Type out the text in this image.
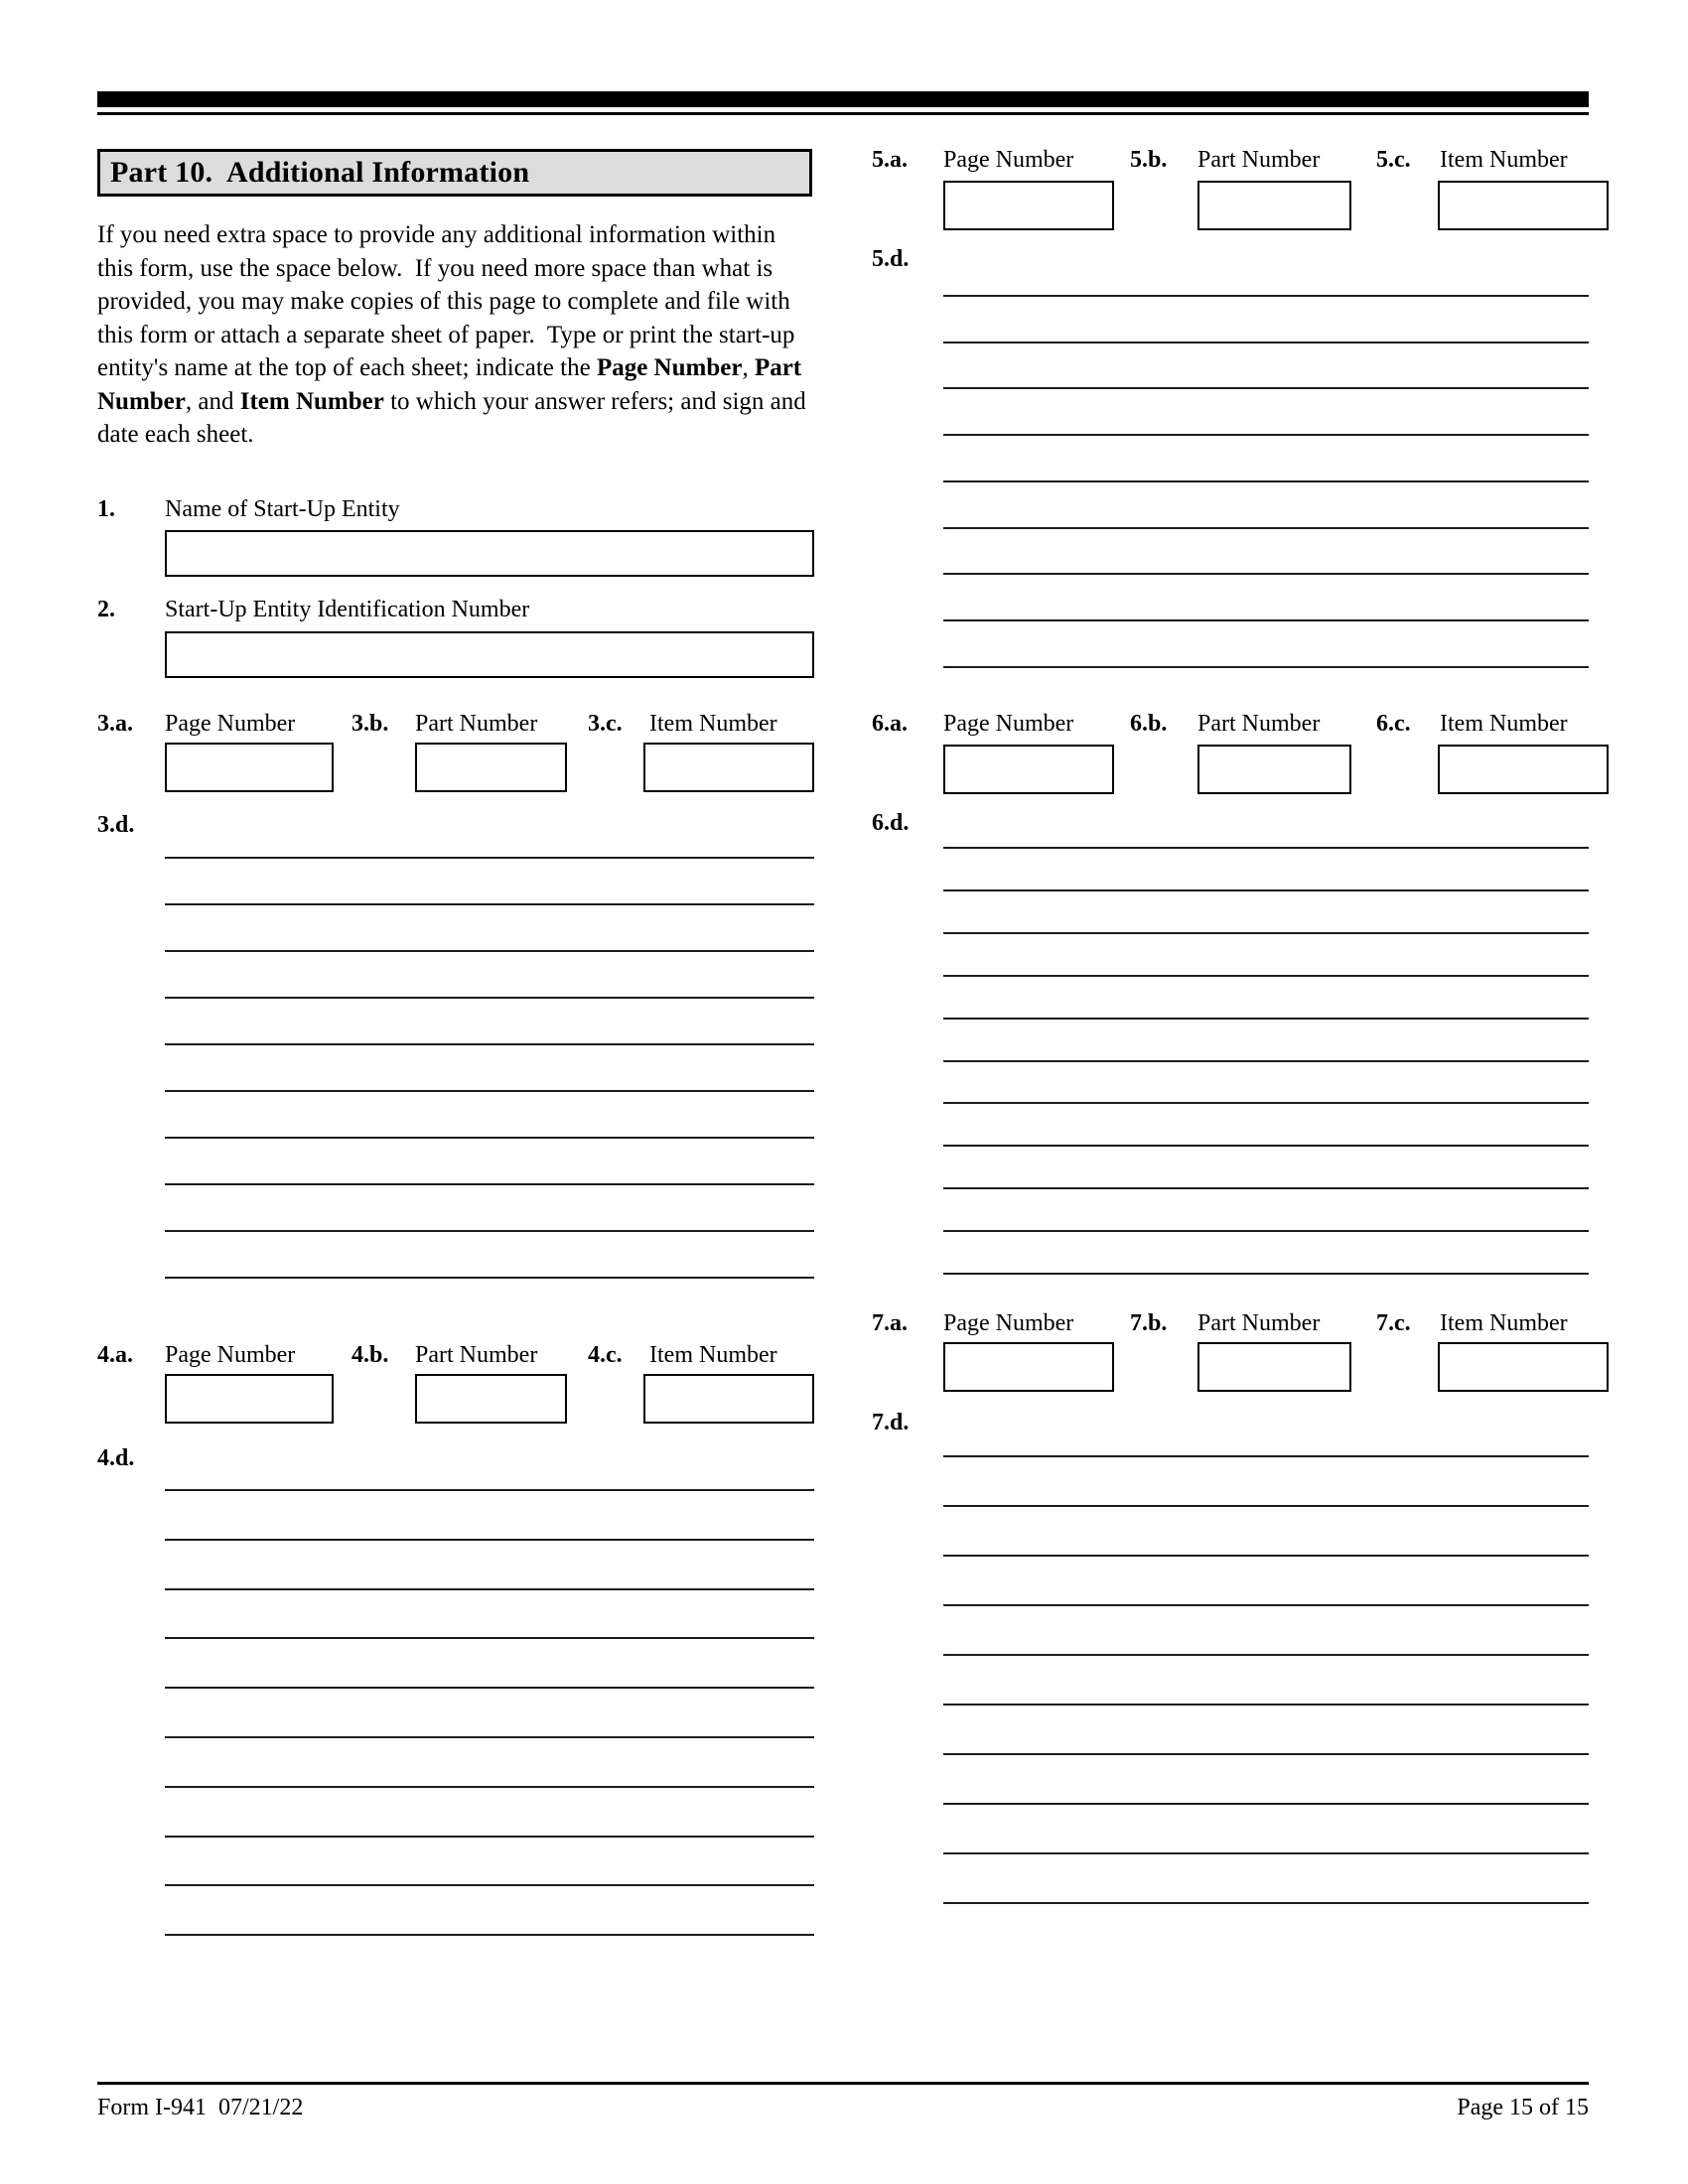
Part 10.  Additional Information
If you need extra space to provide any additional information within this form, use the space below.  If you need more space than what is provided, you may make copies of this page to complete and file with this form or attach a separate sheet of paper.  Type or print the start-up entity's name at the top of each sheet; indicate the Page Number, Part Number, and Item Number to which your answer refers; and sign and date each sheet.
1. Name of Start-Up Entity
2. Start-Up Entity Identification Number
3.a. Page Number 3.b. Part Number 3.c. Item Number
3.d.
4.a. Page Number 4.b. Part Number 4.c. Item Number
4.d.
5.a. Page Number 5.b. Part Number 5.c. Item Number
5.d.
6.a. Page Number 6.b. Part Number 6.c. Item Number
6.d.
7.a. Page Number 7.b. Part Number 7.c. Item Number
7.d.
Form I-941  07/21/22	Page 15 of 15
